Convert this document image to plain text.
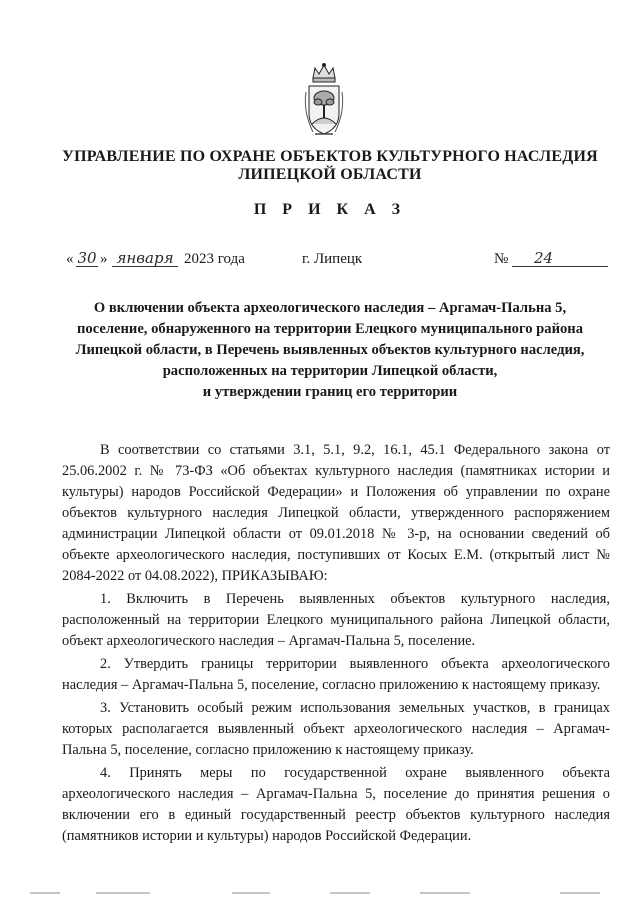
УПРАВЛЕНИЕ ПО ОХРАНЕ ОБЪЕКТОВ КУЛЬТУРНОГО НАСЛЕДИЯ
ЛИПЕЦКОЙ ОБЛАСТИ
П Р И К А З
« 30 » января 2023 года	г. Липецк	№	24
О включении объекта археологического наследия – Аргамач-Пальна 5,
поселение, обнаруженного на территории Елецкого муниципального района
Липецкой области, в Перечень выявленных объектов культурного наследия,
расположенных на территории Липецкой области,
и утверждении границ его территории

В соответствии со статьями 3.1, 5.1, 9.2, 16.1, 45.1 Федерального закона от 25.06.2002 г. № 73-ФЗ «Об объектах культурного наследия (памятниках истории и культуры) народов Российской Федерации» и Положения об управлении по охране объектов культурного наследия Липецкой области, утвержденного распоряжением администрации Липецкой области от 09.01.2018 № 3-р, на основании сведений об объекте археологического наследия, поступивших от Косых Е.М. (открытый лист № 2084-2022 от 04.08.2022), ПРИКАЗЫВАЮ:

1. Включить в Перечень выявленных объектов культурного наследия, расположенный на территории Елецкого муниципального района Липецкой области, объект археологического наследия – Аргамач-Пальна 5, поселение.

2. Утвердить границы территории выявленного объекта археологического наследия – Аргамач-Пальна 5, поселение, согласно приложению к настоящему приказу.

3. Установить особый режим использования земельных участков, в границах которых располагается выявленный объект археологического наследия – Аргамач-Пальна 5, поселение, согласно приложению к настоящему приказу.

4. Принять меры по государственной охране выявленного объекта археологического наследия – Аргамач-Пальна 5, поселение до принятия решения о включении его в единый государственный реестр объектов культурного наследия (памятников истории и культуры) народов Российской Федерации.
